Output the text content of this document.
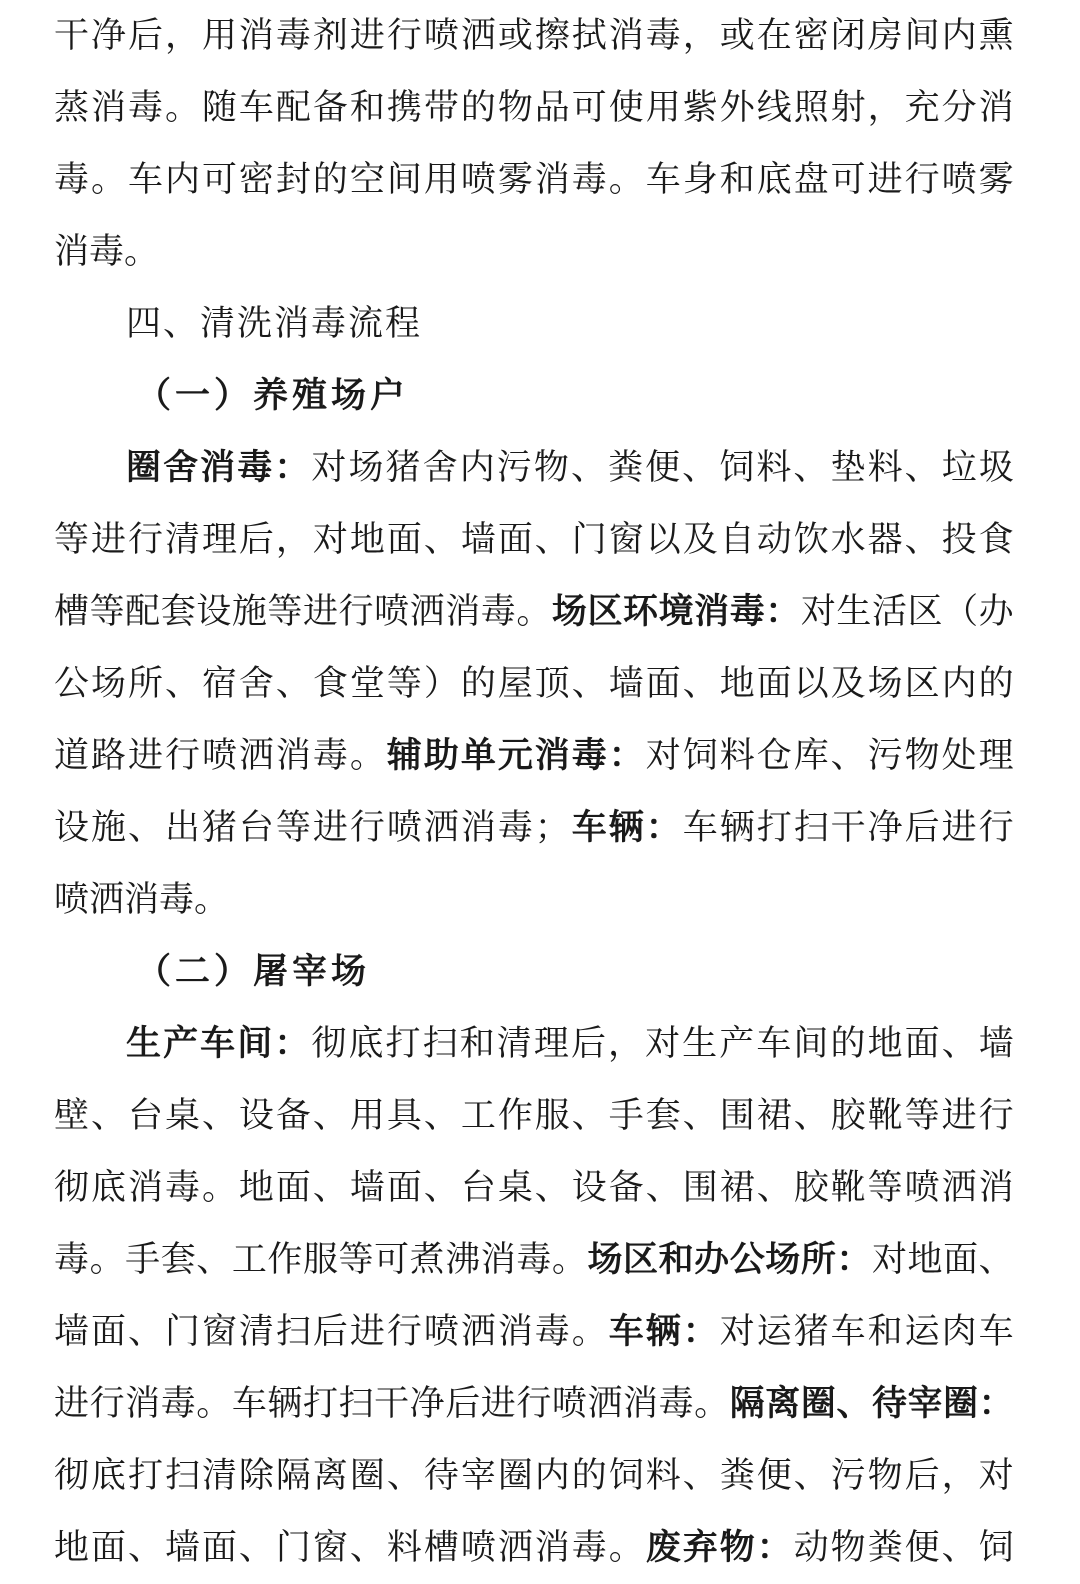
干 净 后 ， 用 消 毒 剂 进 行 喷 洒 或 擦 拭 消 毒 ， 或 在 密 闭 房 间 内 熏
蒸 消 毒 。 随 车 配 备 和 携 带 的 物 品 可 使 用 紫 外 线 照 射 ， 充 分 消
毒 。 车 内 可 密 封 的 空 间 用 喷 雾 消 毒 。 车 身 和 底 盘 可 进 行 喷 雾
消毒。
四、清洗消毒流程
（一）养殖场户
圈 舍 消 毒 ： 对 场 猪 舍 内 污 物 、 粪 便 、 饲 料 、 垫 料 、 垃 圾
等 进 行 清 理 后 ， 对 地 面 、 墙 面 、 门 窗 以 及 自 动 饮 水 器 、 投 食
槽 等 配 套 设 施 等 进 行 喷 洒 消 毒 。 场 区 环 境 消 毒 ： 对 生 活 区 （ 办
公 场 所 、 宿 舍 、 食 堂 等 ） 的 屋 顶 、 墙 面 、 地 面 以 及 场 区 内 的
道 路 进 行 喷 洒 消 毒 。 辅 助 单 元 消 毒 ： 对 饲 料 仓 库 、 污 物 处 理
设 施 、 出 猪 台 等 进 行 喷 洒 消 毒 ； 车 辆 ： 车 辆 打 扫 干 净 后 进 行
喷洒消毒。
（二）屠宰场
生 产 车 间 ： 彻 底 打 扫 和 清 理 后 ， 对 生 产 车 间 的 地 面 、 墙
壁 、 台 桌 、 设 备 、 用 具 、 工 作 服 、 手 套 、 围 裙 、 胶 靴 等 进 行
彻 底 消 毒 。 地 面 、 墙 面 、 台 桌 、 设 备 、 围 裙 、 胶 靴 等 喷 洒 消
毒 。 手 套 、 工 作 服 等 可 煮 沸 消 毒 。 场 区 和 办 公 场 所 ： 对 地 面 、
墙 面 、 门 窗 清 扫 后 进 行 喷 洒 消 毒 。 车 辆 ： 对 运 猪 车 和 运 肉 车
进 行 消 毒 。 车 辆 打 扫 干 净 后 进 行 喷 洒 消 毒 。 隔 离 圈 、 待 宰 圈 ：
彻 底 打 扫 清 除 隔 离 圈 、 待 宰 圈 内 的 饲 料 、 粪 便 、 污 物 后 ， 对
地 面 、 墙 面 、 门 窗 、 料 槽 喷 洒 消 毒 。 废 弃 物 ： 动 物 粪 便 、 饲
